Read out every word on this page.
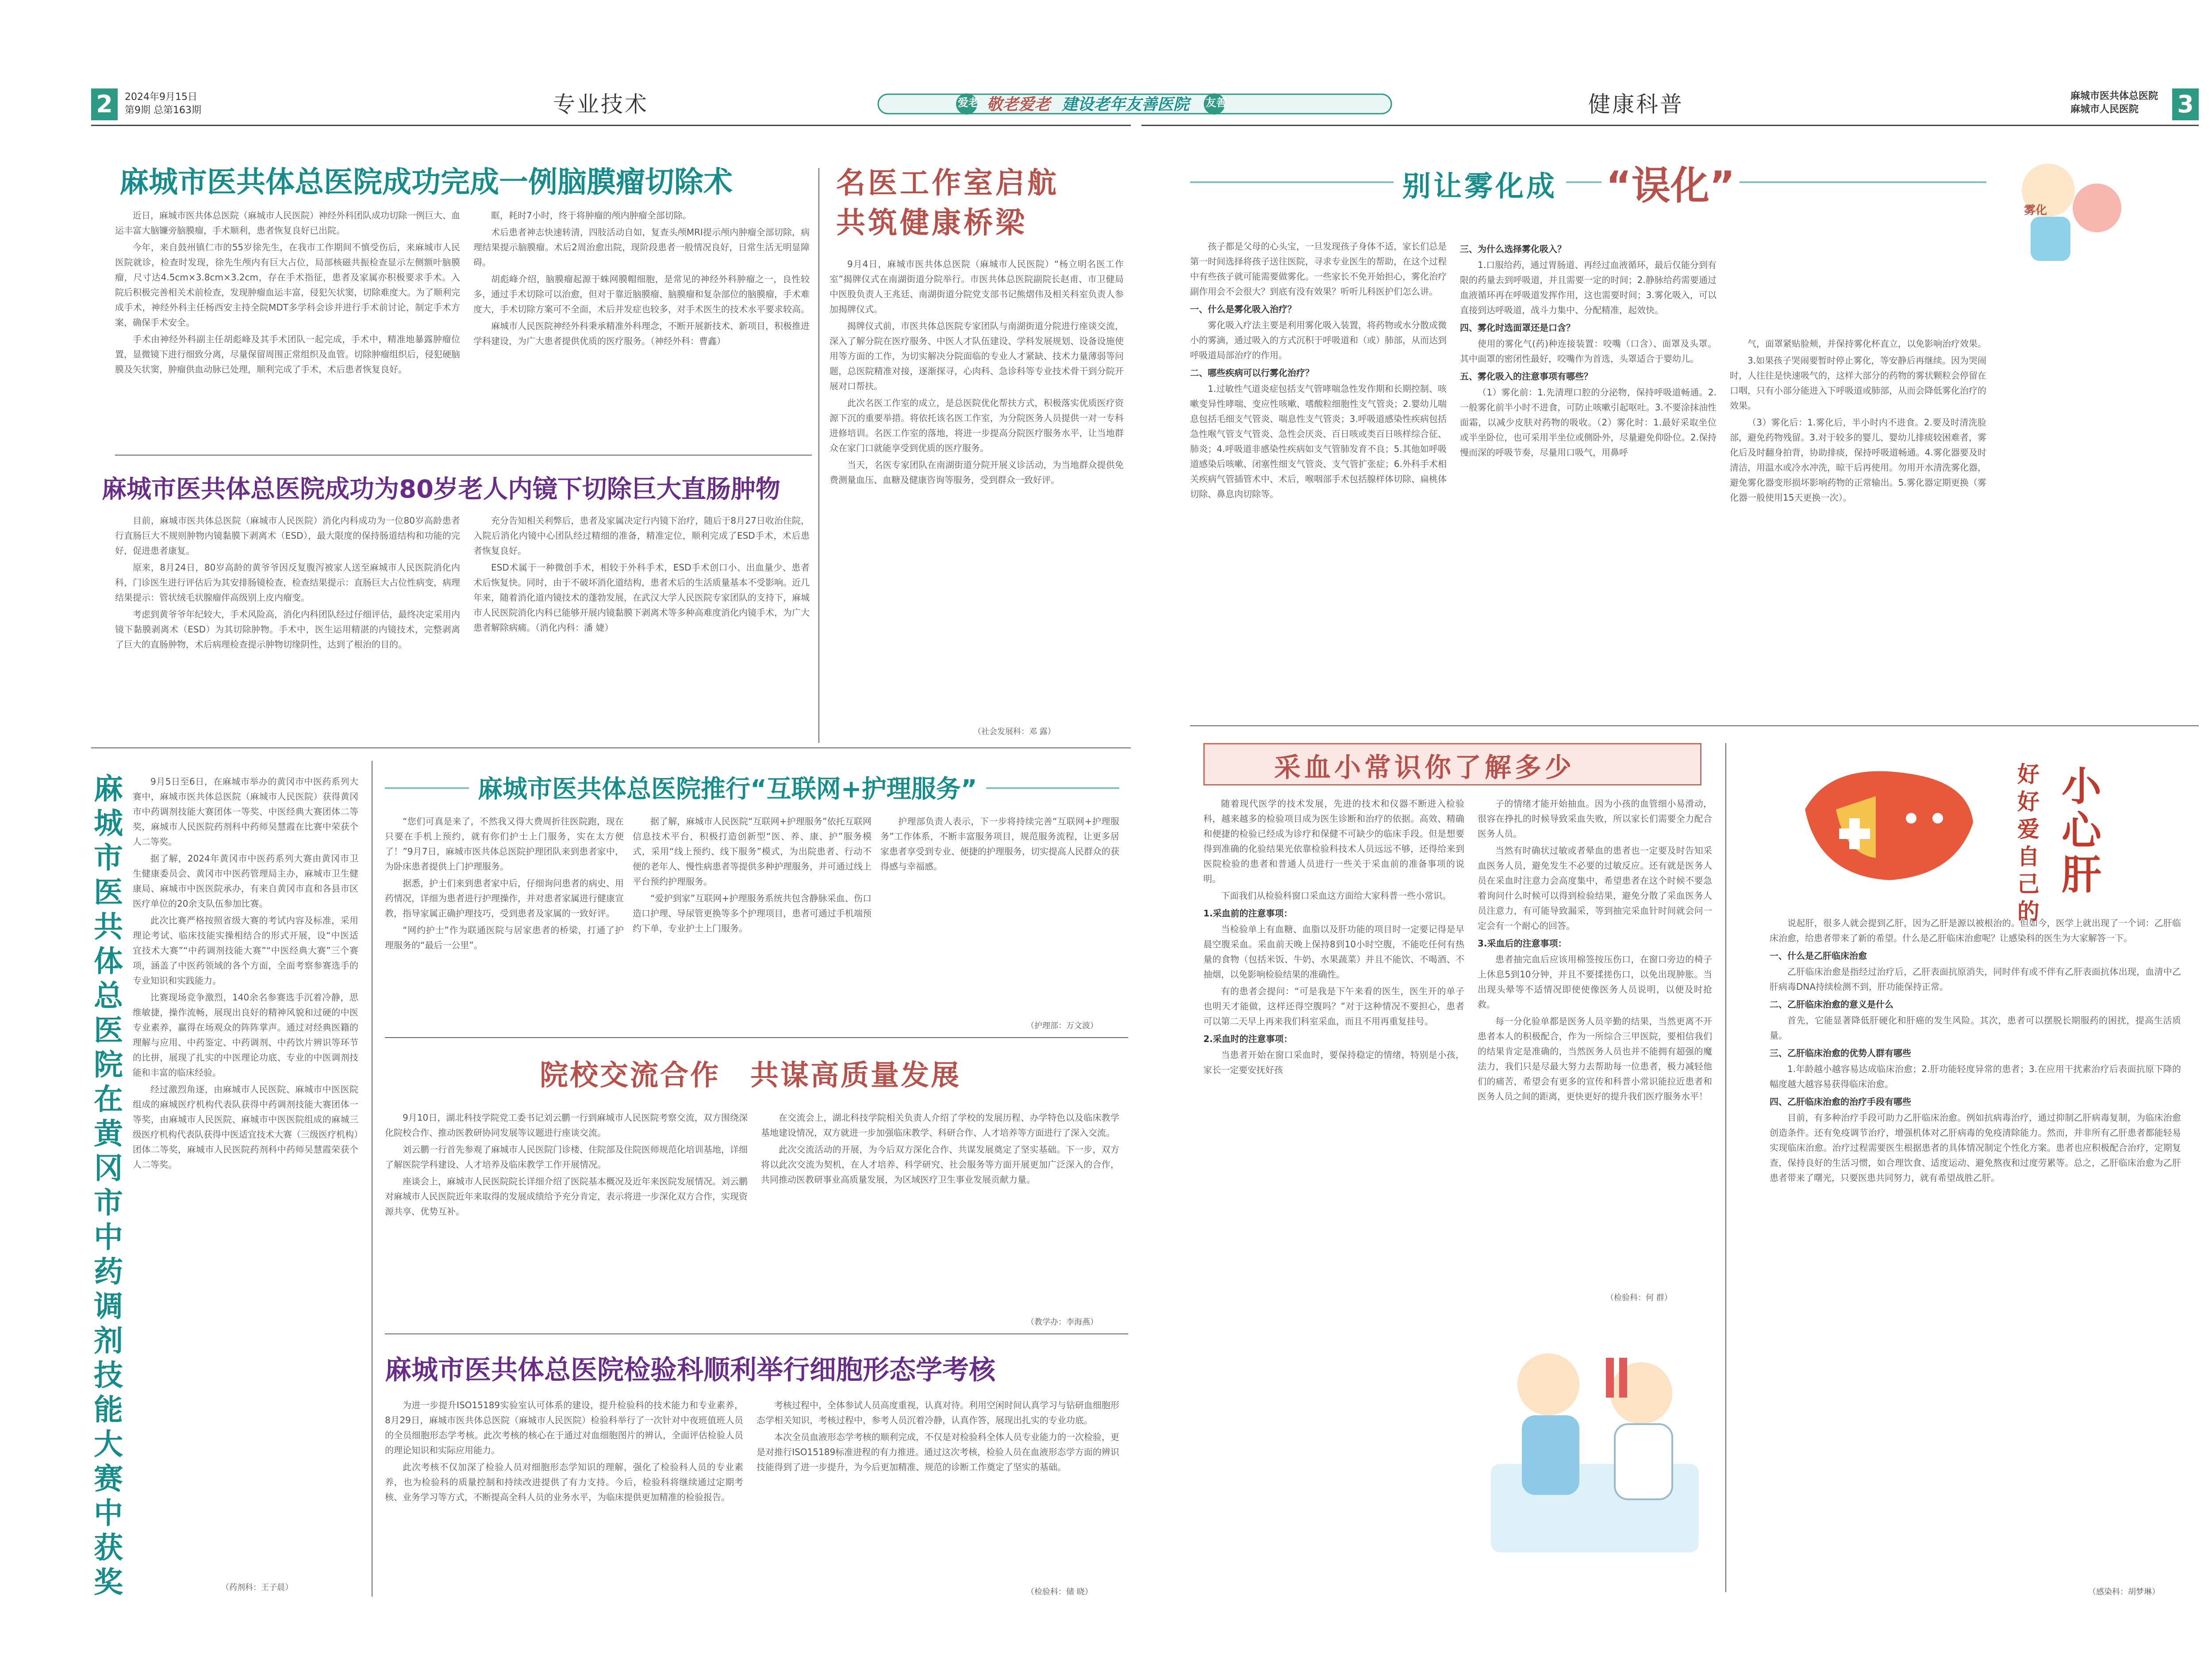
2	2024年9月15日
第9期 总第163期	专业技术
麻城市医共体总医院成功完成一例脑膜瘤切除术

近日，麻城市医共体总医院（麻城市人民医院）神经外科团队成功切除一例巨大、血运丰富大脑镰旁脑膜瘤，手术顺利，患者恢复良好已出院。

今年，来自鼓州镇仁市的55岁徐先生，在我市工作期间不慎受伤后，来麻城市人民医院就诊，检查时发现，徐先生颅内有巨大占位，局部核磁共振检查显示左侧额叶脑膜瘤，尺寸达4.5cm×3.8cm×3.2cm，存在手术指征，患者及家属亦积极要求手术。入院后积极完善相关术前检查，发现肿瘤血运丰富，侵犯矢状窦，切除难度大。为了顺利完成手术，神经外科主任杨西安主持全院MDT多学科会诊并进行手术前讨论，制定手术方案，确保手术安全。

手术由神经外科副主任胡彪峰及其手术团队一起完成，手术中，精准地暴露肿瘤位置，显微镜下进行细致分离，尽量保留周围正常组织及血管。切除肿瘤组织后，侵犯硬脑膜及矢状窦，肿瘤供血动脉已处理，顺利完成了手术，术后患者恢复良好。

眶，耗时7小时，终于将肿瘤的颅内肿瘤全部切除。

术后患者神志快速转清，四肢活动自如，复查头颅MRI提示颅内肿瘤全部切除，病理结果提示脑膜瘤。术后2周治愈出院，现阶段患者一般情况良好，日常生活无明显障碍。

胡彪峰介绍，脑膜瘤起源于蛛网膜帽细胞，是常见的神经外科肿瘤之一，良性较多，通过手术切除可以治愈，但对于靠近脑膜瘤、脑膜瘤和复杂部位的脑膜瘤，手术难度大，手术切除方案可不全面，术后并发症也较多，对手术医生的技术水平要求较高。

麻城市人民医院神经外科秉承精准外科理念，不断开展新技术、新项目，积极推进学科建设，为广大患者提供优质的医疗服务。（神经外科：曹鑫）

麻城市医共体总医院成功为80岁老人内镜下切除巨大直肠肿物

目前，麻城市医共体总医院（麻城市人民医院）消化内科成功为一位80岁高龄患者行直肠巨大不规则肿物内镜黏膜下剥离术（ESD），最大限度的保持肠道结构和功能的完好，促进患者康复。

原来，8月24日，80岁高龄的黄爷爷因反复腹泻被家人送至麻城市人民医院消化内科，门诊医生进行评估后为其安排肠镜检查，检查结果提示：直肠巨大占位性病变，病理结果提示：管状绒毛状腺瘤伴高级别上皮内瘤变。

考虑到黄爷爷年纪较大，手术风险高，消化内科团队经过仔细评估，最终决定采用内镜下黏膜剥离术（ESD）为其切除肿物。手术中，医生运用精湛的内镜技术，完整剥离了巨大的直肠肿物，术后病理检查提示肿物切缘阴性，达到了根治的目的。

充分告知相关利弊后，患者及家属决定行内镜下治疗，随后于8月27日收治住院，入院后消化内镜中心团队经过精细的准备，精准定位，顺利完成了ESD手术，术后患者恢复良好。

ESD术属于一种微创手术，相较于外科手术，ESD手术创口小、出血量少、患者术后恢复快。同时，由于不破坏消化道结构，患者术后的生活质量基本不受影响。近几年来，随着消化道内镜技术的蓬勃发展，在武汉大学人民医院专家团队的支持下，麻城市人民医院消化内科已能够开展内镜黏膜下剥离术等多种高难度消化内镜手术，为广大患者解除病痛。（消化内科：潘 婕）

名医工作室启航
共筑健康桥梁

9月4日，麻城市医共体总医院（麻城市人民医院）“杨立明名医工作室”揭牌仪式在南湖街道分院举行。市医共体总医院副院长赵甫、市卫健局中医股负责人王兆廷、南湖街道分院党支部书记熊熠伟及相关科室负责人参加揭牌仪式。

揭牌仪式前，市医共体总医院专家团队与南湖街道分院进行座谈交流，深入了解分院在医疗服务、中医人才队伍建设、学科发展规划、设备设施使用等方面的工作，为切实解决分院面临的专业人才紧缺、技术力量薄弱等问题，总医院精准对接，逐渐探寻，心肉科、急诊科等专业技术骨干到分院开展对口帮扶。

此次名医工作室的成立，是总医院优化帮扶方式，积极落实优质医疗资源下沉的重要举措。将依托该名医工作室，为分院医务人员提供一对一专科进修培训。名医工作室的落地，将进一步提高分院医疗服务水平，让当地群众在家门口就能享受到优质的医疗服务。

当天，名医专家团队在南湖街道分院开展义诊活动，为当地群众提供免费测量血压、血糖及健康咨询等服务，受到群众一致好评。

（社会发展科：邓 露）
麻城市医共体总医院在黄冈市中药调剂技能大赛中获奖

9月5日至6日，在麻城市举办的黄冈市中医药系列大赛中，麻城市医共体总医院（麻城市人民医院）获得黄冈市中药调剂技能大赛团体一等奖、中医经典大赛团体二等奖，麻城市人民医院药剂科中药师吴慧霞在比赛中荣获个人二等奖。

据了解，2024年黄冈市中医药系列大赛由黄冈市卫生健康委员会、黄冈市中医药管理局主办，麻城市卫生健康局、麻城市中医医院承办，有来自黄冈市直和各县市区医疗单位的20余支队伍参加比赛。

此次比赛严格按照省级大赛的考试内容及标准，采用理论考试、临床技能实操相结合的形式开展，设“中医适宜技术大赛”“中药调剂技能大赛”“中医经典大赛”三个赛项，涵盖了中医药领域的各个方面，全面考察参赛选手的专业知识和实践能力。

比赛现场竞争激烈，140余名参赛选手沉着冷静，思维敏捷，操作流畅，展现出良好的精神风貌和过硬的中医专业素养，赢得在场观众的阵阵掌声。通过对经典医籍的理解与应用、中药鉴定、中药调剂、中药饮片辨识等环节的比拼，展现了扎实的中医理论功底、专业的中医调剂技能和丰富的临床经验。

经过激烈角逐，由麻城市人民医院、麻城市中医医院组成的麻城医疗机构代表队获得中药调剂技能大赛团体一等奖，由麻城市人民医院、麻城市中医医院组成的麻城三级医疗机构代表队获得中医适宜技术大赛（三级医疗机构）团体二等奖，麻城市人民医院药剂科中药师吴慧霞荣获个人二等奖。

（药剂科：王子晨）
麻城市医共体总医院推行“互联网+护理服务”

“您们可真是来了，不然我又得大费周折往医院跑，现在只要在手机上预约，就有你们护士上门服务，实在太方便了！”9月7日，麻城市医共体总医院护理团队来到患者家中，为卧床患者提供上门护理服务。

据悉，护士们来到患者家中后，仔细询问患者的病史、用药情况，详细为患者进行护理操作，并对患者家属进行健康宣教，指导家属正确护理技巧，受到患者及家属的一致好评。

“网约护士”作为联通医院与居家患者的桥梁，打通了护理服务的“最后一公里”。

据了解，麻城市人民医院“互联网+护理服务”依托互联网信息技术平台，积极打造创新型“医、养、康、护”服务模式，采用“线上预约、线下服务”模式，为出院患者、行动不便的老年人、慢性病患者等提供多种护理服务，并可通过线上平台预约护理服务。

“爱护到家”互联网+护理服务系统共包含静脉采血、伤口造口护理、导尿管更换等多个护理项目，患者可通过手机端预约下单，专业护士上门服务。

护理部负责人表示，下一步将持续完善“互联网+护理服务”工作体系，不断丰富服务项目，规范服务流程，让更多居家患者享受到专业、便捷的护理服务，切实提高人民群众的获得感与幸福感。

（护理部：万文波）
院校交流合作　共谋高质量发展

9月10日，湖北科技学院党工委书记刘云鹏一行到麻城市人民医院考察交流，双方围绕深化院校合作、推动医教研协同发展等议题进行座谈交流。

刘云鹏一行首先参观了麻城市人民医院门诊楼、住院部及住院医师规范化培训基地，详细了解医院学科建设、人才培养及临床教学工作开展情况。

座谈会上，麻城市人民医院院长详细介绍了医院基本概况及近年来医院发展情况。刘云鹏对麻城市人民医院近年来取得的发展成绩给予充分肯定，表示将进一步深化双方合作，实现资源共享、优势互补。

在交流会上，湖北科技学院相关负责人介绍了学校的发展历程、办学特色以及临床教学基地建设情况，双方就进一步加强临床教学、科研合作、人才培养等方面进行了深入交流。

此次交流活动的开展，为今后双方深化合作、共谋发展奠定了坚实基础。下一步，双方将以此次交流为契机，在人才培养、科学研究、社会服务等方面开展更加广泛深入的合作，共同推动医教研事业高质量发展，为区域医疗卫生事业发展贡献力量。

（教学办：李海燕）
麻城市医共体总医院检验科顺利举行细胞形态学考核

为进一步提升ISO15189实验室认可体系的建设，提升检验科的技术能力和专业素养，8月29日，麻城市医共体总医院（麻城市人民医院）检验科举行了一次针对中夜班值班人员的全员细胞形态学考核。此次考核的核心在于通过对血细胞图片的辨认，全面评估检验人员的理论知识和实际应用能力。

此次考核不仅加深了检验人员对细胞形态学知识的理解，强化了检验科人员的专业素养，也为检验科的质量控制和持续改进提供了有力支持。今后，检验科将继续通过定期考核、业务学习等方式，不断提高全科人员的业务水平，为临床提供更加精准的检验报告。

考核过程中，全体参试人员高度重视，认真对待。利用空闲时间认真学习与钻研血细胞形态学相关知识，考核过程中，参考人员沉着冷静，认真作答，展现出扎实的专业功底。

本次全员血液形态学考核的顺利完成，不仅是对检验科全体人员专业能力的一次检验，更是对推行ISO15189标准进程的有力推进。通过这次考核，检验人员在血液形态学方面的辨识技能得到了进一步提升，为今后更加精准、规范的诊断工作奠定了坚实的基础。

（检验科：储 晓）
爱老 敬老爱老 建设老年友善医院 友善	健康科普	麻城市医共体总医院
麻城市人民医院 3
别让雾化成 “误化”
雾化

孩子都是父母的心头宝，一旦发现孩子身体不适，家长们总是第一时间选择将孩子送往医院，寻求专业医生的帮助，在这个过程中有些孩子就可能需要做雾化。一些家长不免开始担心，雾化治疗副作用会不会很大？到底有没有效果？听听儿科医护们怎么讲。

一、什么是雾化吸入治疗？

雾化吸入疗法主要是利用雾化吸入装置，将药物或水分散成微小的雾滴，通过吸入的方式沉积于呼吸道和（或）肺部，从而达到呼吸道局部治疗的作用。

二、哪些疾病可以行雾化治疗？

1.过敏性气道炎症包括支气管哮喘急性发作期和长期控制、咳嗽变异性哮喘、变应性咳嗽、嗜酸粒细胞性支气管炎；2.婴幼儿喘息包括毛细支气管炎、喘息性支气管炎；3.呼吸道感染性疾病包括急性喉气管支气管炎、急性会厌炎、百日咳或类百日咳样综合征、肺炎；4.呼吸道非感染性疾病如支气管肺发育不良；5.其他如呼吸道感染后咳嗽、闭塞性细支气管炎、支气管扩张症；6.外科手术相关疾病气管插管术中、术后，喉咽部手术包括腺样体切除、扁桃体切除、鼻息肉切除等。

三、为什么选择雾化吸入？

1.口服给药，通过胃肠道、再经过血液循环，最后仅能分到有限的药量去到呼吸道，并且需要一定的时间；2.静脉给药需要通过血液循环再在呼吸道发挥作用，这也需要时间；3.雾化吸入，可以直接到达呼吸道，战斗力集中、分配精准，起效快。

四、雾化时选面罩还是口含？

使用的雾化气(药)种连接装置：咬嘴（口含）、面罩及头罩。其中面罩的密闭性最好，咬嘴作为首选，头罩适合于婴幼儿。

五、雾化吸入的注意事项有哪些？

（1）雾化前：1.先清理口腔的分泌物，保持呼吸道畅通。2.一般雾化前半小时不进食，可防止咳嗽引起呕吐。3.不要涂抹油性面霜，以减少皮肤对药物的吸收。（2）雾化时：1.最好采取坐位或半坐卧位，也可采用半坐位或侧卧外，尽量避免仰卧位。2.保持慢而深的呼吸节奏，尽量用口吸气，用鼻呼

气，面罩紧贴脸颊，并保持雾化杯直立，以免影响治疗效果。

3.如果孩子哭闹要暂时停止雾化，等安静后再继续。因为哭闹时，人往往是快速吸气的，这样大部分的药物的雾状颗粒会停留在口咽，只有小部分能进入下呼吸道或肺部，从而会降低雾化治疗的效果。

（3）雾化后：1.雾化后，半小时内不进食。2.要及时清洗脸部，避免药物残留。3.对于较多的婴儿、婴幼儿排痰较困难者，雾化后及时翻身拍背，协助排痰，保持呼吸道畅通。4.雾化器要及时清洁，用温水或冷水冲洗，晾干后再使用。勿用开水清洗雾化器，避免雾化器变形损坏影响药物的正常输出。5.雾化器定期更换（雾化器一般使用15天更换一次）。

采血小常识你了解多少

随着现代医学的技术发展，先进的技术和仪器不断进入检验科，越来越多的检验项目成为医生诊断和治疗的依据。高效、精确和便捷的检验已经成为诊疗和保健不可缺少的临床手段。但是想要得到准确的化验结果光依靠检验科技术人员远远不够，还得给来到医院检验的患者和普通人员进行一些关于采血前的准备事项的说明。

下面我们从检验科窗口采血这方面给大家科普一些小常识。

1.采血前的注意事项：

当检验单上有血糖、血脂以及肝功能的项目时一定要记得是早晨空腹采血。采血前天晚上保持8到10小时空腹，不能吃任何有热量的食物（包括米饭、牛奶、水果蔬菜）并且不能饮、不喝酒、不抽烟，以免影响检验结果的准确性。

有的患者会提问：“可是我是下午来看的医生，医生开的单子也明天才能做，这样还得空腹吗？”对于这种情况不要担心，患者可以第二天早上再来我们科室采血，而且不用再重复挂号。

2.采血时的注意事项：

当患者开始在窗口采血时，要保持稳定的情绪，特别是小孩，家长一定要安抚好孩

子的情绪才能开始抽血。因为小孩的血管细小易滑动，很容在挣扎的时候导致采血失败，所以家长们需要全力配合医务人员。

当然有时确状过敏或者晕血的患者也一定要及时告知采血医务人员，避免发生不必要的过敏反应。还有就是医务人员在采血时注意力会高度集中，希望患者在这个时候不要急着询问什么时候可以得到检验结果，避免分散了采血医务人员注意力，有可能导致漏采，等到抽完采血针时间就会问一定会有一个耐心的回答。

3.采血后的注意事项：

患者抽完血后应该用棉签按压伤口，在窗口旁边的椅子上休息5到10分钟，并且不要揉搓伤口，以免出现肿胀。当出现头晕等不适情况即使使像医务人员说明，以便及时抢救。

每一分化验单都是医务人员辛勤的结果，当然更离不开患者本人的积极配合，作为一所综合三甲医院，要相信我们的结果肯定是准确的，当然医务人员也并不能拥有超强的魔法力，我们只是尽最大努力去帮助每一位患者，极力减轻他们的痛苦，希望会有更多的宣传和科普小常识能拉近患者和医务人员之间的距离，更快更好的提升我们医疗服务水平！

（检验科：何 群）
小
心
肝
好好爱自己的

说起肝，很多人就会提到乙肝，因为乙肝是源以被根治的。但如今，医学上就出现了一个词：乙肝临床治愈，给患者带来了新的希望。什么是乙肝临床治愈呢？让感染科的医生为大家解答一下。

一、什么是乙肝临床治愈

乙肝临床治愈是指经过治疗后，乙肝表面抗原消失，同时伴有或不伴有乙肝表面抗体出现，血清中乙肝病毒DNA持续检测不到，肝功能保持正常。

二、乙肝临床治愈的意义是什么

首先，它能显著降低肝硬化和肝癌的发生风险。其次，患者可以摆脱长期服药的困扰，提高生活质量。

三、乙肝临床治愈的优势人群有哪些

1.年龄越小越容易达成临床治愈；2.肝功能轻度异常的患者；3.在应用干扰素治疗后表面抗原下降的幅度越大越容易获得临床治愈。

四、乙肝临床治愈的治疗手段有哪些

目前，有多种治疗手段可助力乙肝临床治愈。例如抗病毒治疗，通过抑制乙肝病毒复制，为临床治愈创造条件。还有免疫调节治疗，增强机体对乙肝病毒的免疫清除能力。然而，并非所有乙肝患者都能轻易实现临床治愈。治疗过程需要医生根据患者的具体情况制定个性化方案。患者也应积极配合治疗，定期复查，保持良好的生活习惯，如合理饮食、适度运动、避免熬夜和过度劳累等。总之，乙肝临床治愈为乙肝患者带来了曙光，只要医患共同努力，就有希望战胜乙肝。

（感染科：胡梦琳）
